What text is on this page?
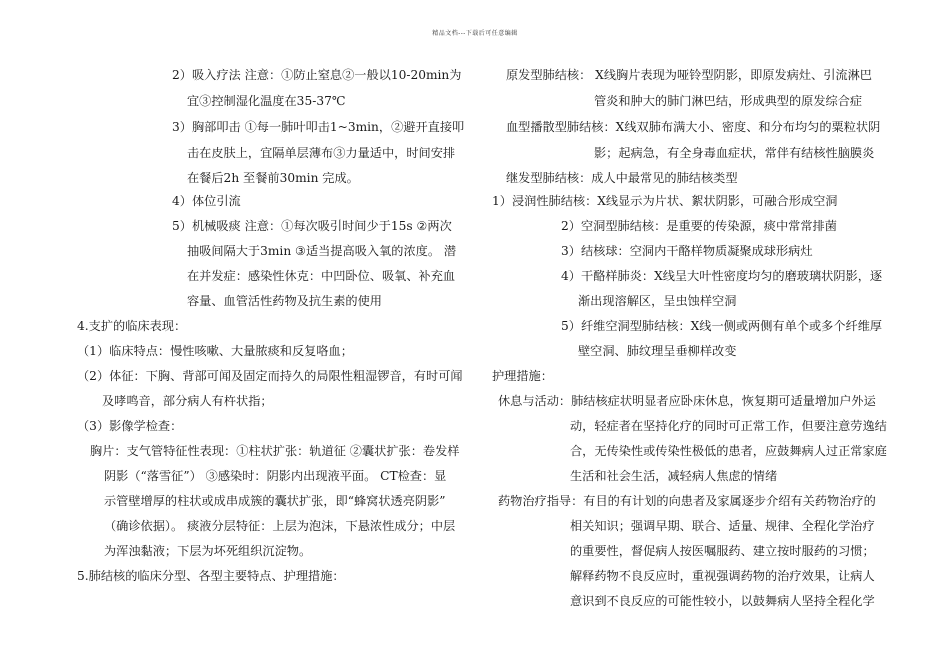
精品文档---下载后可任意编辑
2）吸入疗法 注意：①防止窒息②一般以10-20min为
宜③控制湿化温度在35-37℃
3）胸部叩击 ①每一肺叶叩击1~3min，②避开直接叩
击在皮肤上，宜隔单层薄布③力量适中，时间安排
在餐后2h 至餐前30min 完成。
4）体位引流
5）机械吸痰 注意：①每次吸引时间少于15s ②两次
抽吸间隔大于3min ③适当提高吸入氧的浓度。 潜
在并发症：感染性休克：中凹卧位、吸氧、补充血
容量、血管活性药物及抗生素的使用
4.支扩的临床表现：
（1）临床特点：慢性咳嗽、大量脓痰和反复咯血；
（2）体征：下胸、背部可闻及固定而持久的局限性粗湿锣音，有时可闻
及哮鸣音，部分病人有杵状指；
（3）影像学检查：
胸片：支气管特征性表现：①柱状扩张：轨道征 ②囊状扩张：卷发样
阴影（“落雪征”） ③感染时：阴影内出现液平面。 CT检查：显
示管壁增厚的柱状或成串成簇的囊状扩张，即“蜂窝状透亮阴影”
（确诊依据）。 痰液分层特征：上层为泡沫，下悬浓性成分；中层
为浑浊黏液；下层为坏死组织沉淀物。
5.肺结核的临床分型、各型主要特点、护理措施：
原发型肺结核： X线胸片表现为哑铃型阴影，即原发病灶、引流淋巴
管炎和肿大的肺门淋巴结，形成典型的原发综合症
血型播散型肺结核：X线双肺布满大小、密度、和分布均匀的粟粒状阴
影；起病急，有全身毒血症状，常伴有结核性脑膜炎
继发型肺结核：成人中最常见的肺结核类型
1）浸润性肺结核：X线显示为片状、絮状阴影，可融合形成空洞
2）空洞型肺结核：是重要的传染源，痰中常常排菌
3）结核球：空洞内干酪样物质凝聚成球形病灶
4）干酪样肺炎：X线呈大叶性密度均匀的磨玻璃状阴影，逐
渐出现溶解区，呈虫蚀样空洞
5）纤维空洞型肺结核：X线一侧或两侧有单个或多个纤维厚
壁空洞、肺纹理呈垂柳样改变
护理措施：
休息与活动：肺结核症状明显者应卧床休息，恢复期可适量增加户外运
动，轻症者在坚持化疗的同时可正常工作，但要注意劳逸结
合，无传染性或传染性极低的患者，应鼓舞病人过正常家庭
生活和社会生活，减轻病人焦虑的情绪
药物治疗指导：有目的有计划的向患者及家属逐步介绍有关药物治疗的
相关知识；强调早期、联合、适量、规律、全程化学治疗
的重要性，督促病人按医嘱服药、建立按时服药的习惯；
解释药物不良反应时，重视强调药物的治疗效果，让病人
意识到不良反应的可能性较小，以鼓舞病人坚持全程化学
